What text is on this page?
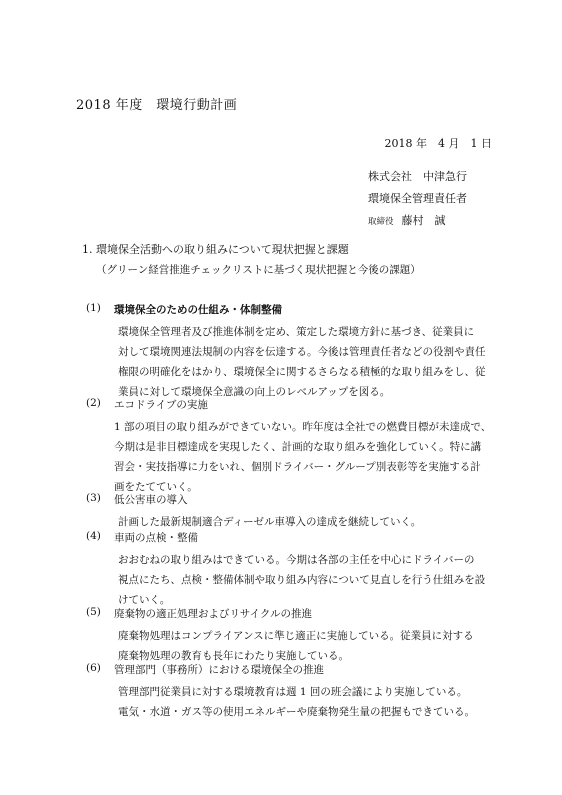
2018 年度　環境行動計画
2018 年　4 月　1 日
株式会社　中津急行
環境保全管理責任者
取締役 藤村　誠
1. 環境保全活動への取り組みについて現状把握と課題
（グリーン経営推進チェックリストに基づく現状把握と今後の課題）
(1) 環境保全のための仕組み・体制整備
環境保全管理者及び推進体制を定め、策定した環境方針に基づき、従業員に
対して環境関連法規制の内容を伝達する。今後は管理責任者などの役割や責任
権限の明確化をはかり、環境保全に関するさらなる積極的な取り組みをし、従
業員に対して環境保全意識の向上のレベルアップを図る。
(2) エコドライブの実施
1 部の項目の取り組みができていない。昨年度は全社での燃費目標が未達成で、
今期は是非目標達成を実現したく、計画的な取り組みを強化していく。特に講
習会・実技指導に力をいれ、個別ドライバー・グループ別表彰等を実施する計
画をたてていく。
(3) 低公害車の導入
計画した最新規制適合ディーゼル車導入の達成を継続していく。
(4) 車両の点検・整備
おおむねの取り組みはできている。今期は各部の主任を中心にドライバーの
視点にたち、点検・整備体制や取り組み内容について見直しを行う仕組みを設
けていく。
(5) 廃棄物の適正処理およびリサイクルの推進
廃棄物処理はコンプライアンスに準じ適正に実施している。従業員に対する
廃棄物処理の教育も長年にわたり実施している。
(6) 管理部門（事務所）における環境保全の推進
管理部門従業員に対する環境教育は週 1 回の班会議により実施している。
電気・水道・ガス等の使用エネルギーや廃棄物発生量の把握もできている。
